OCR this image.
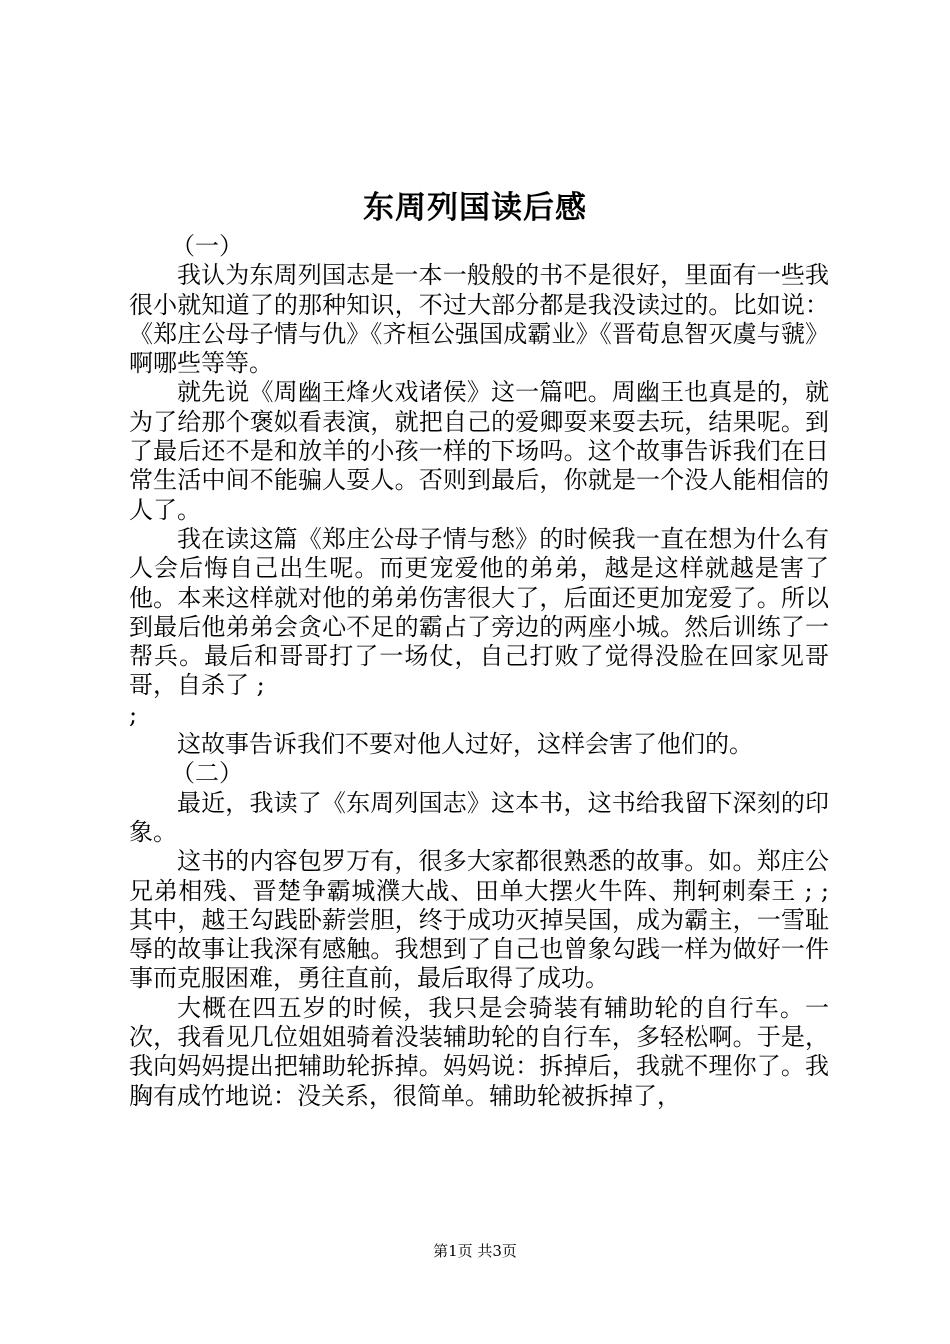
东周列国读后感

（一）

我认为东周列国志是一本一般般的书不是很好，里面有一些我很小就知道了的那种知识，不过大部分都是我没读过的。比如说：《郑庄公母子情与仇》《齐桓公强国成霸业》《晋荀息智灭虞与虢》啊哪些等等。

就先说《周幽王烽火戏诸侯》这一篇吧。周幽王也真是的，就为了给那个褒姒看表演，就把自己的爱卿耍来耍去玩，结果呢。到了最后还不是和放羊的小孩一样的下场吗。这个故事告诉我们在日常生活中间不能骗人耍人。否则到最后，你就是一个没人能相信的人了。

我在读这篇《郑庄公母子情与愁》的时候我一直在想为什么有人会后悔自己出生呢。而更宠爱他的弟弟，越是这样就越是害了他。本来这样就对他的弟弟伤害很大了，后面还更加宠爱了。所以到最后他弟弟会贪心不足的霸占了旁边的两座小城。然后训练了一帮兵。最后和哥哥打了一场仗，自己打败了觉得没脸在回家见哥哥，自杀了 ;

;

这故事告诉我们不要对他人过好，这样会害了他们的。

（二）

最近，我读了《东周列国志》这本书，这书给我留下深刻的印象。

这书的内容包罗万有，很多大家都很熟悉的故事。如。郑庄公兄弟相残、晋楚争霸城濮大战、田单大摆火牛阵、荆轲刺秦王 ; ;其中，越王勾践卧薪尝胆，终于成功灭掉吴国，成为霸主，一雪耻辱的故事让我深有感触。我想到了自己也曾象勾践一样为做好一件事而克服困难，勇往直前，最后取得了成功。

大概在四五岁的时候，我只是会骑装有辅助轮的自行车。一次，我看见几位姐姐骑着没装辅助轮的自行车，多轻松啊。于是，我向妈妈提出把辅助轮拆掉。妈妈说：拆掉后，我就不理你了。我胸有成竹地说：没关系，很简单。辅助轮被拆掉了，

第1页 共3页
